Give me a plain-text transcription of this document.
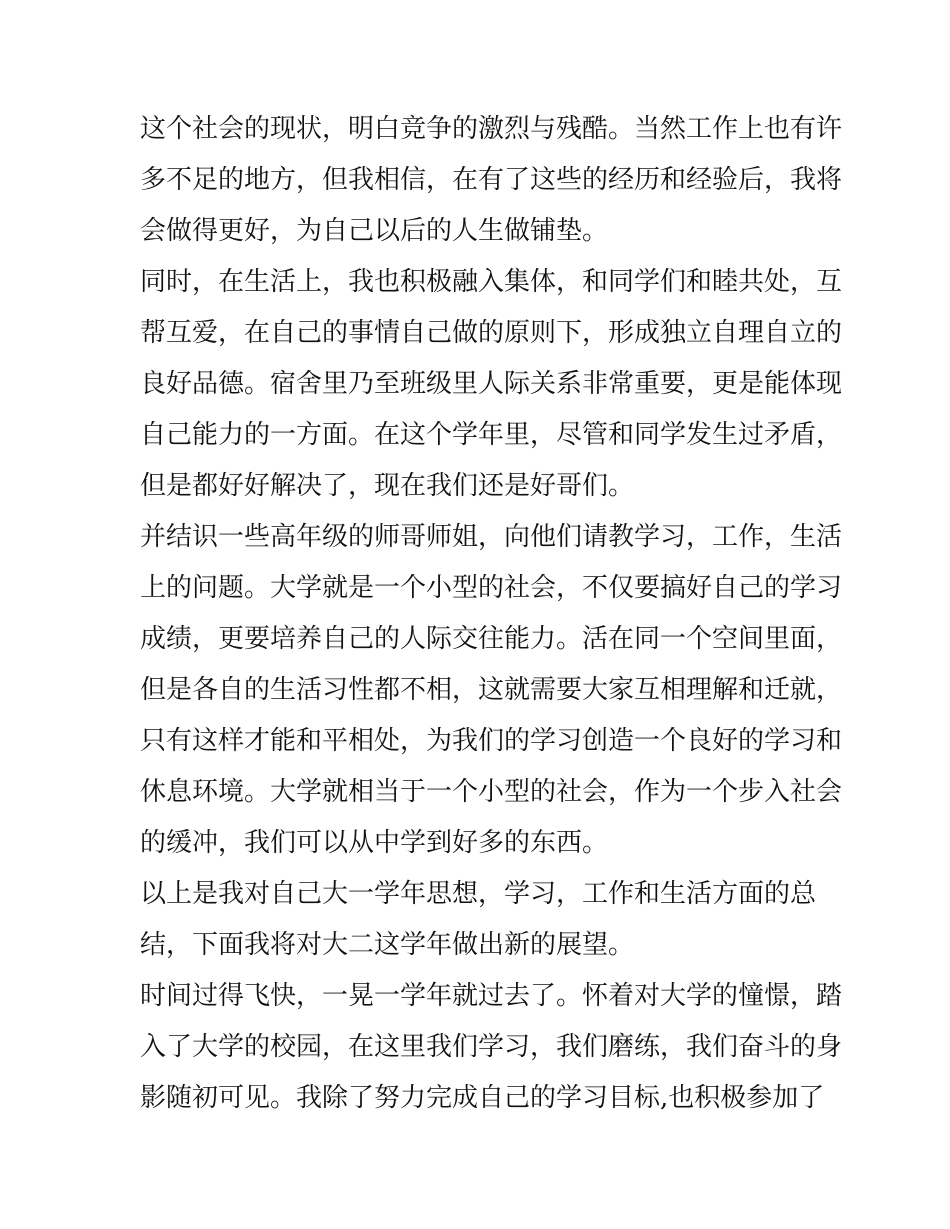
这个社会的现状，明白竞争的激烈与残酷。当然工作上也有许
多不足的地方，但我相信，在有了这些的经历和经验后，我将
会做得更好，为自己以后的人生做铺垫。
同时，在生活上，我也积极融入集体，和同学们和睦共处，互
帮互爱，在自己的事情自己做的原则下，形成独立自理自立的
良好品德。宿舍里乃至班级里人际关系非常重要，更是能体现
自己能力的一方面。在这个学年里，尽管和同学发生过矛盾，
但是都好好解决了，现在我们还是好哥们。
并结识一些高年级的师哥师姐，向他们请教学习，工作，生活
上的问题。大学就是一个小型的社会，不仅要搞好自己的学习
成绩，更要培养自己的人际交往能力。活在同一个空间里面，
但是各自的生活习性都不相，这就需要大家互相理解和迁就，
只有这样才能和平相处，为我们的学习创造一个良好的学习和
休息环境。大学就相当于一个小型的社会，作为一个步入社会
的缓冲，我们可以从中学到好多的东西。
以上是我对自己大一学年思想，学习，工作和生活方面的总
结，下面我将对大二这学年做出新的展望。
时间过得飞快，一晃一学年就过去了。怀着对大学的憧憬，踏
入了大学的校园，在这里我们学习，我们磨练，我们奋斗的身
影随初可见。我除了努力完成自己的学习目标,也积极参加了
